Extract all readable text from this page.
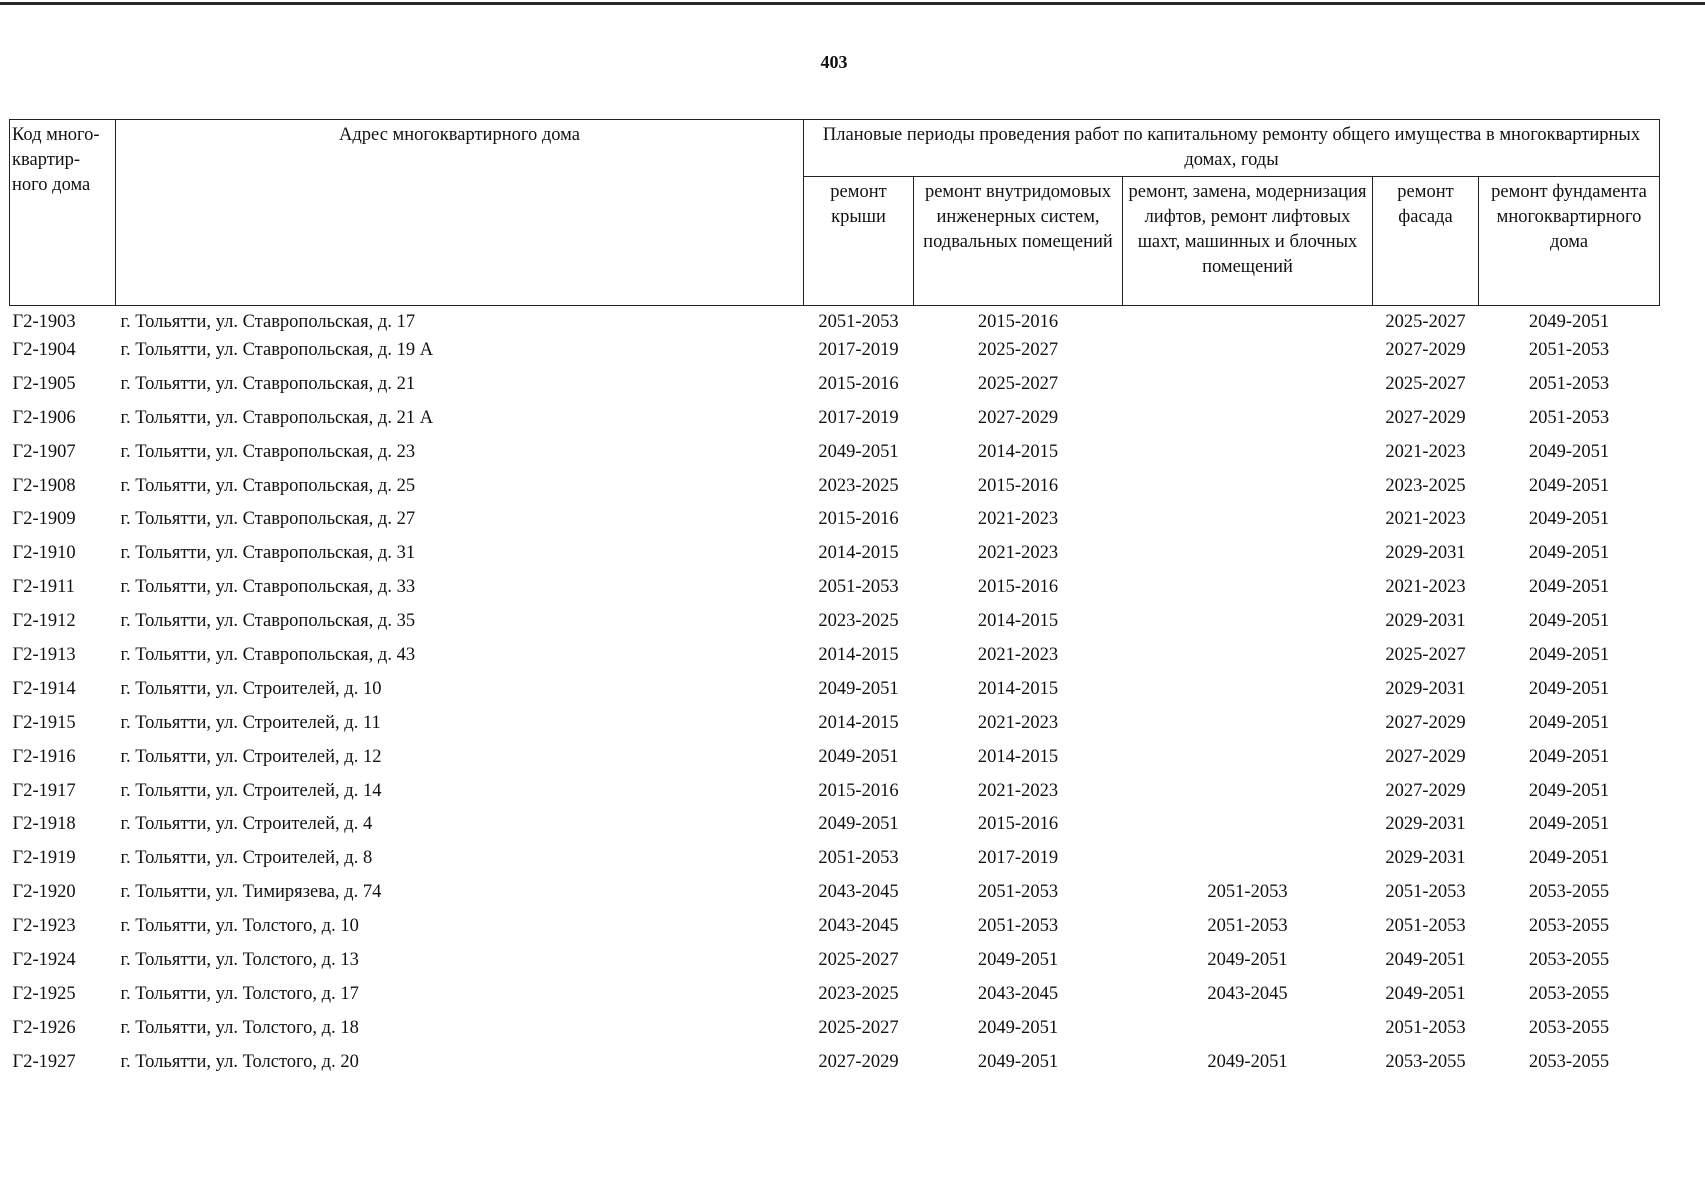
403
Код много-квартир-ного дома	Адрес многоквартирного дома	Плановые периоды проведения работ по капитальному ремонту общего имущества в многоквартирных домах, годы				
		ремонт крыши	ремонт внутридомовых инженерных систем, подвальных помещений	ремонт, замена, модернизация лифтов, ремонт лифтовых шахт, машинных и блочных помещений	ремонт фасада	ремонт фундамента многоквартирного дома
Г2-1903	г. Тольятти, ул. Ставропольская, д. 17	2051-2053	2015-2016		2025-2027	2049-2051
Г2-1904	г. Тольятти, ул. Ставропольская, д. 19 А	2017-2019	2025-2027		2027-2029	2051-2053
Г2-1905	г. Тольятти, ул. Ставропольская, д. 21	2015-2016	2025-2027		2025-2027	2051-2053
Г2-1906	г. Тольятти, ул. Ставропольская, д. 21 А	2017-2019	2027-2029		2027-2029	2051-2053
Г2-1907	г. Тольятти, ул. Ставропольская, д. 23	2049-2051	2014-2015		2021-2023	2049-2051
Г2-1908	г. Тольятти, ул. Ставропольская, д. 25	2023-2025	2015-2016		2023-2025	2049-2051
Г2-1909	г. Тольятти, ул. Ставропольская, д. 27	2015-2016	2021-2023		2021-2023	2049-2051
Г2-1910	г. Тольятти, ул. Ставропольская, д. 31	2014-2015	2021-2023		2029-2031	2049-2051
Г2-1911	г. Тольятти, ул. Ставропольская, д. 33	2051-2053	2015-2016		2021-2023	2049-2051
Г2-1912	г. Тольятти, ул. Ставропольская, д. 35	2023-2025	2014-2015		2029-2031	2049-2051
Г2-1913	г. Тольятти, ул. Ставропольская, д. 43	2014-2015	2021-2023		2025-2027	2049-2051
Г2-1914	г. Тольятти, ул. Строителей, д. 10	2049-2051	2014-2015		2029-2031	2049-2051
Г2-1915	г. Тольятти, ул. Строителей, д. 11	2014-2015	2021-2023		2027-2029	2049-2051
Г2-1916	г. Тольятти, ул. Строителей, д. 12	2049-2051	2014-2015		2027-2029	2049-2051
Г2-1917	г. Тольятти, ул. Строителей, д. 14	2015-2016	2021-2023		2027-2029	2049-2051
Г2-1918	г. Тольятти, ул. Строителей, д. 4	2049-2051	2015-2016		2029-2031	2049-2051
Г2-1919	г. Тольятти, ул. Строителей, д. 8	2051-2053	2017-2019		2029-2031	2049-2051
Г2-1920	г. Тольятти, ул. Тимирязева, д. 74	2043-2045	2051-2053	2051-2053	2051-2053	2053-2055
Г2-1923	г. Тольятти, ул. Толстого, д. 10	2043-2045	2051-2053	2051-2053	2051-2053	2053-2055
Г2-1924	г. Тольятти, ул. Толстого, д. 13	2025-2027	2049-2051	2049-2051	2049-2051	2053-2055
Г2-1925	г. Тольятти, ул. Толстого, д. 17	2023-2025	2043-2045	2043-2045	2049-2051	2053-2055
Г2-1926	г. Тольятти, ул. Толстого, д. 18	2025-2027	2049-2051		2051-2053	2053-2055
Г2-1927	г. Тольятти, ул. Толстого, д. 20	2027-2029	2049-2051	2049-2051	2053-2055	2053-2055
